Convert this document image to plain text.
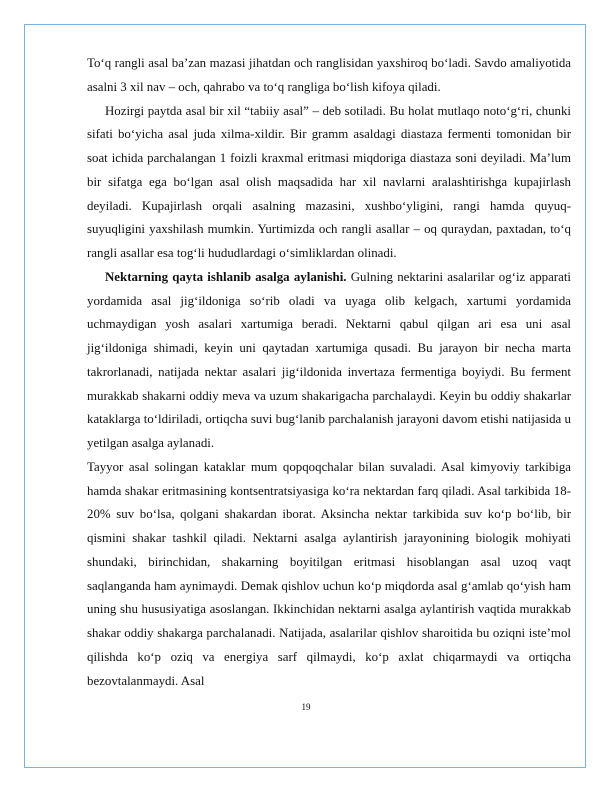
To‘q rangli asal ba’zan mazasi jihatdan och ranglisidan yaxshiroq bo‘ladi. Savdo amaliyotida asalni 3 xil nav – och, qahrabo va to‘q rangliga bo‘lish kifoya qiladi.

Hozirgi paytda asal bir xil “tabiiy asal” – deb sotiladi. Bu holat mutlaqo noto‘g‘ri, chunki sifati bo‘yicha asal juda xilma-xildir. Bir gramm asaldagi diastaza fermenti tomonidan bir soat ichida parchalangan 1 foizli kraxmal eritmasi miqdoriga diastaza soni deyiladi. Ma’lum bir sifatga ega bo‘lgan asal olish maqsadida har xil navlarni aralashtirishga kupajirlash deyiladi. Kupajirlash orqali asalning mazasini, xushbo‘yligini, rangi hamda quyuq-suyuqligini yaxshilash mumkin. Yurtimizda och rangli asallar – oq quraydan, paxtadan, to‘q rangli asallar esa tog‘li hududlardagi o‘simliklardan olinadi.

Nektarning qayta ishlanib asalga aylanishi. Gulning nektarini asalarilar og‘iz apparati yordamida asal jig‘ildoniga so‘rib oladi va uyaga olib kelgach, xartumi yordamida uchmaydigan yosh asalari xartumiga beradi. Nektarni qabul qilgan ari esa uni asal jig‘ildoniga shimadi, keyin uni qaytadan xartumiga qusadi. Bu jarayon bir necha marta takrorlanadi, natijada nektar asalari jig‘ildonida invertaza fermentiga boyiydi. Bu ferment murakkab shakarni oddiy meva va uzum shakarigacha parchalaydi. Keyin bu oddiy shakarlar kataklarga to‘ldiriladi, ortiqcha suvi bug‘lanib parchalanish jarayoni davom etishi natijasida u yetilgan asalga aylanadi.

Tayyor asal solingan kataklar mum qopqoqchalar bilan suvaladi. Asal kimyoviy tarkibiga hamda shakar eritmasining kontsentratsiyasiga ko‘ra nektardan farq qiladi. Asal tarkibida 18-20% suv bo‘lsa, qolgani shakardan iborat. Aksincha nektar tarkibida suv ko‘p bo‘lib, bir qismini shakar tashkil qiladi. Nektarni asalga aylantirish jarayonining biologik mohiyati shundaki, birinchidan, shakarning boyitilgan eritmasi hisoblangan asal uzoq vaqt saqlanganda ham aynimaydi. Demak qishlov uchun ko‘p miqdorda asal g‘amlab qo‘yish ham uning shu hususiyatiga asoslangan. Ikkinchidan nektarni asalga aylantirish vaqtida murakkab shakar oddiy shakarga parchalanadi. Natijada, asalarilar qishlov sharoitida bu oziqni iste’mol qilishda ko‘p oziq va energiya sarf qilmaydi, ko‘p axlat chiqarmaydi va ortiqcha bezovtalanmaydi. Asal

19
